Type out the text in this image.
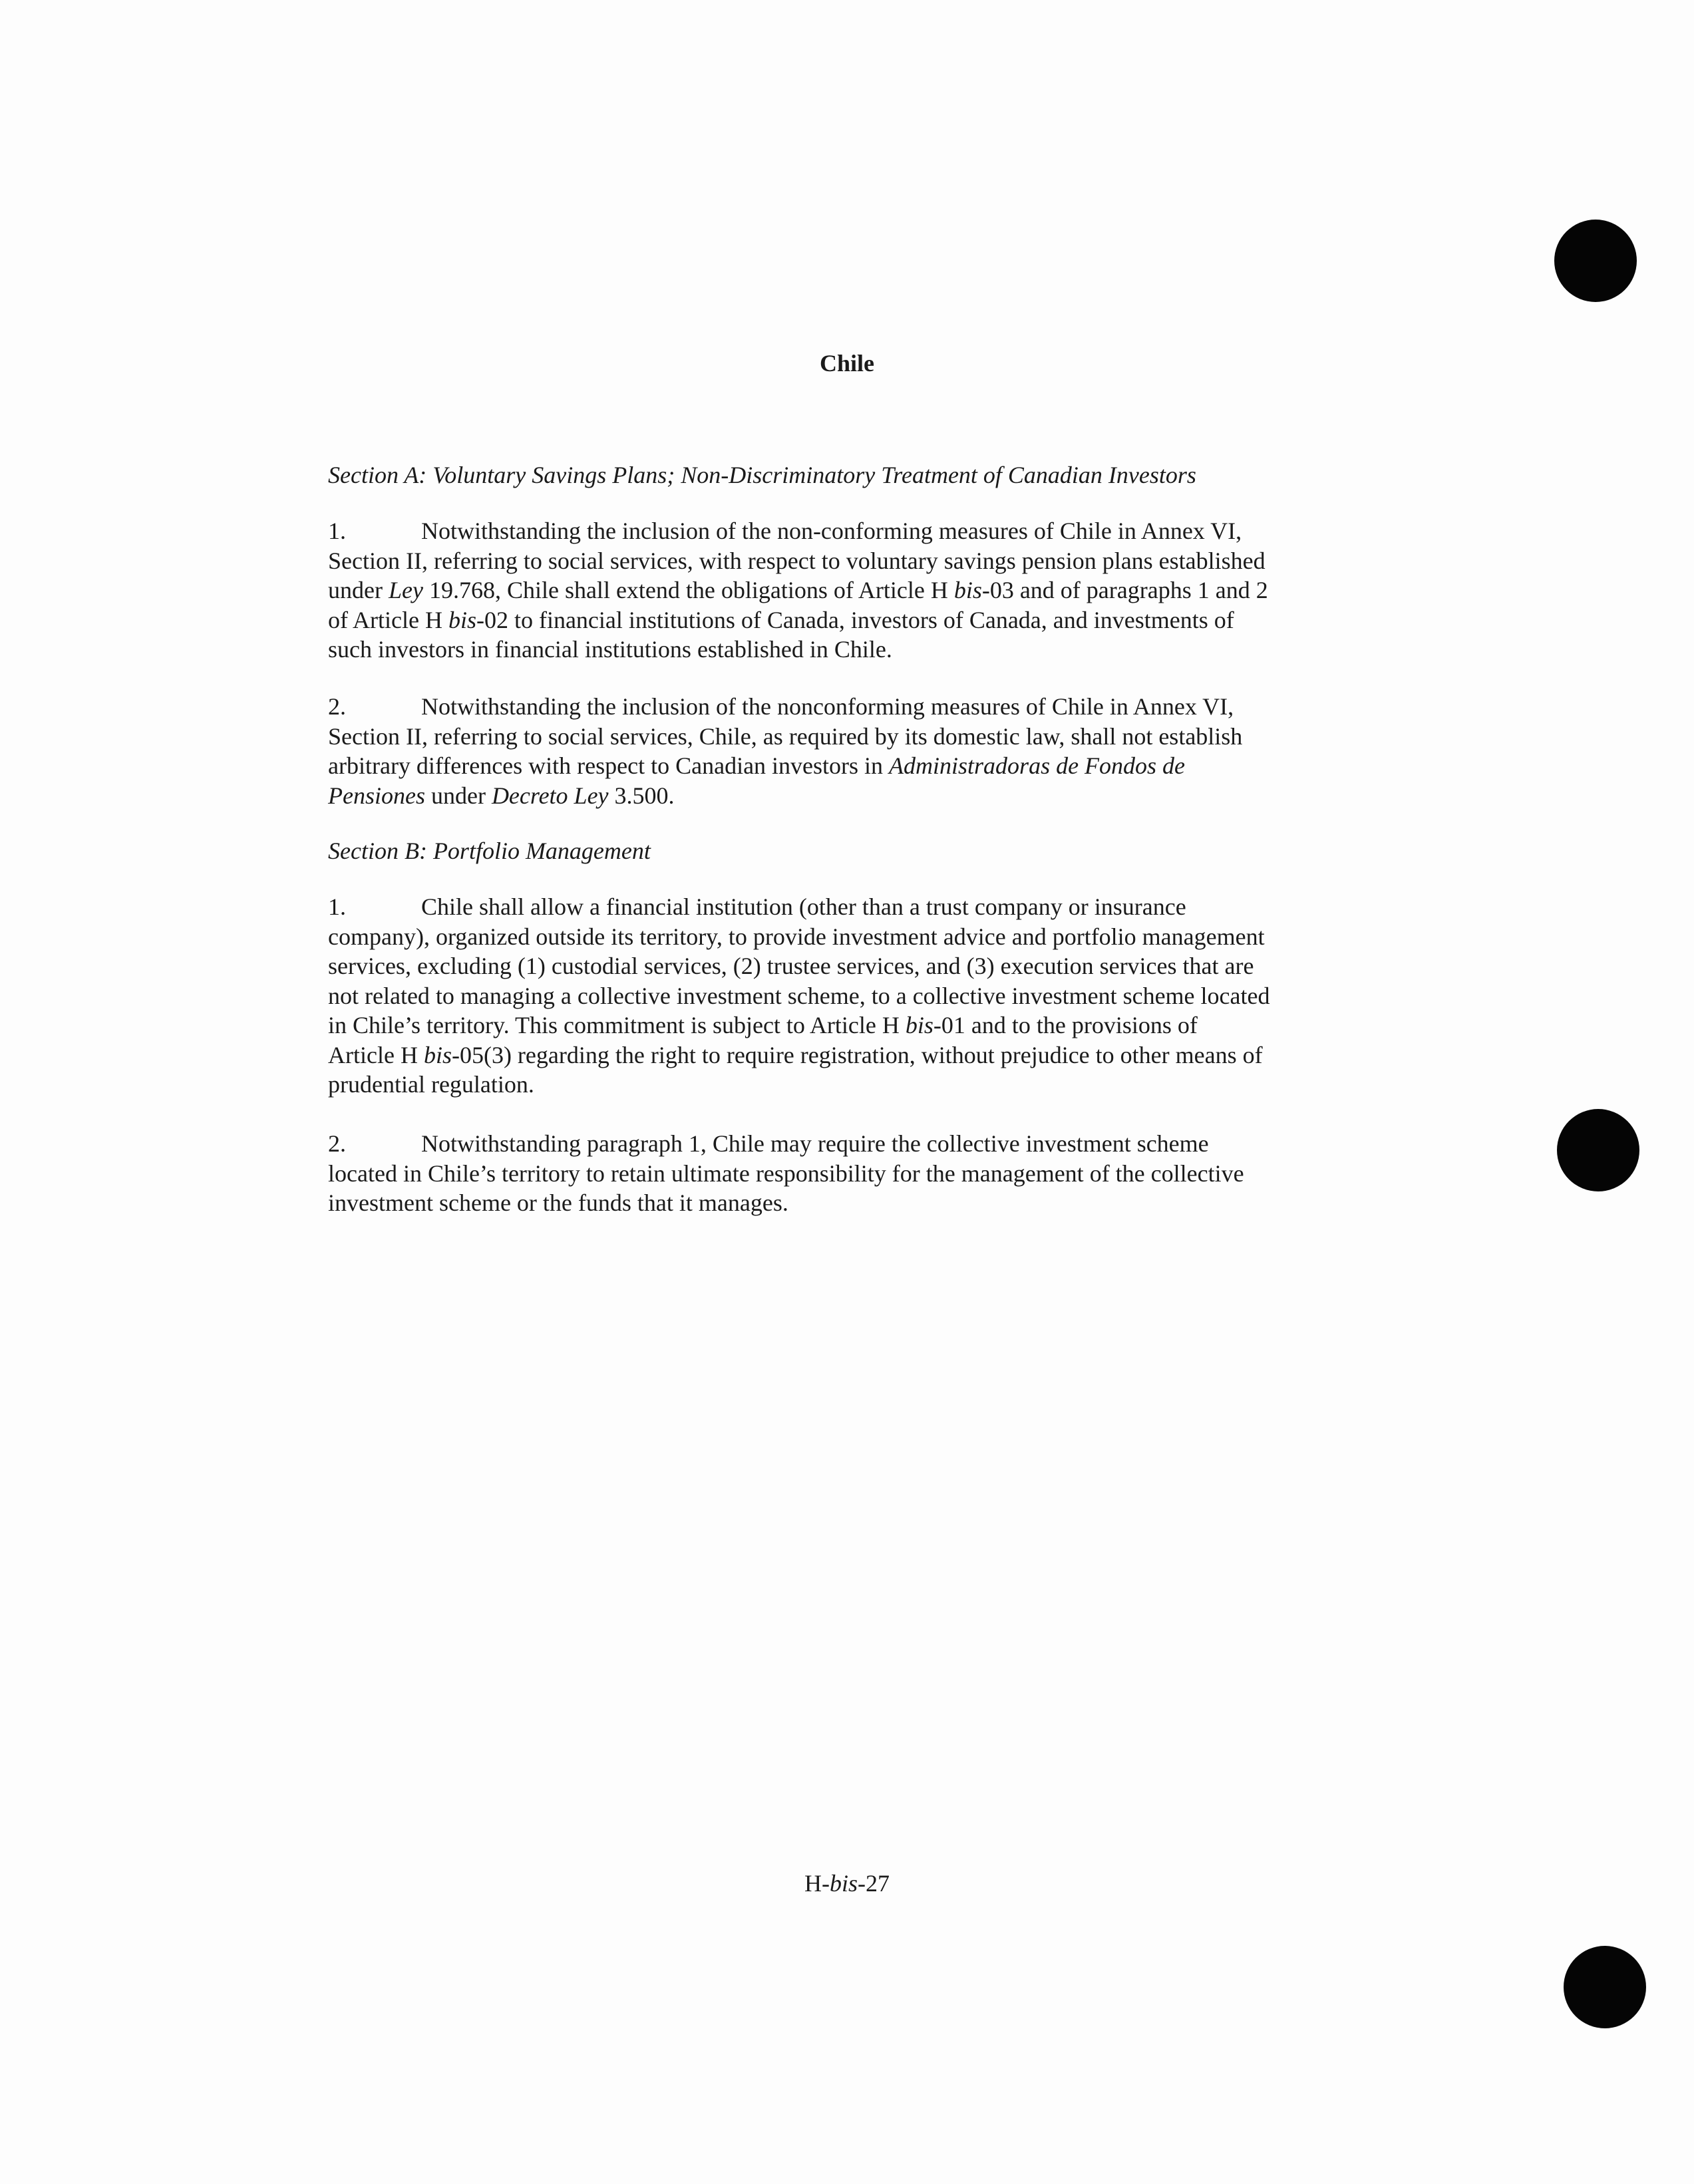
Chile
Section A: Voluntary Savings Plans; Non-Discriminatory Treatment of Canadian Investors
1.	Notwithstanding the inclusion of the non-conforming measures of Chile in Annex VI,
Section II, referring to social services, with respect to voluntary savings pension plans established
under Ley 19.768, Chile shall extend the obligations of Article H bis-03 and of paragraphs 1 and 2
of Article H bis-02 to financial institutions of Canada, investors of Canada, and investments of
such investors in financial institutions established in Chile.
2.	Notwithstanding the inclusion of the nonconforming measures of Chile in Annex VI,
Section II, referring to social services, Chile, as required by its domestic law, shall not establish
arbitrary differences with respect to Canadian investors in Administradoras de Fondos de
Pensiones under Decreto Ley 3.500.
Section B: Portfolio Management
1.	Chile shall allow a financial institution (other than a trust company or insurance
company), organized outside its territory, to provide investment advice and portfolio management
services, excluding (1) custodial services, (2) trustee services, and (3) execution services that are
not related to managing a collective investment scheme, to a collective investment scheme located
in Chile’s territory. This commitment is subject to Article H bis-01 and to the provisions of
Article H bis-05(3) regarding the right to require registration, without prejudice to other means of
prudential regulation.
2.	Notwithstanding paragraph 1, Chile may require the collective investment scheme
located in Chile’s territory to retain ultimate responsibility for the management of the collective
investment scheme or the funds that it manages.
H-bis-27
